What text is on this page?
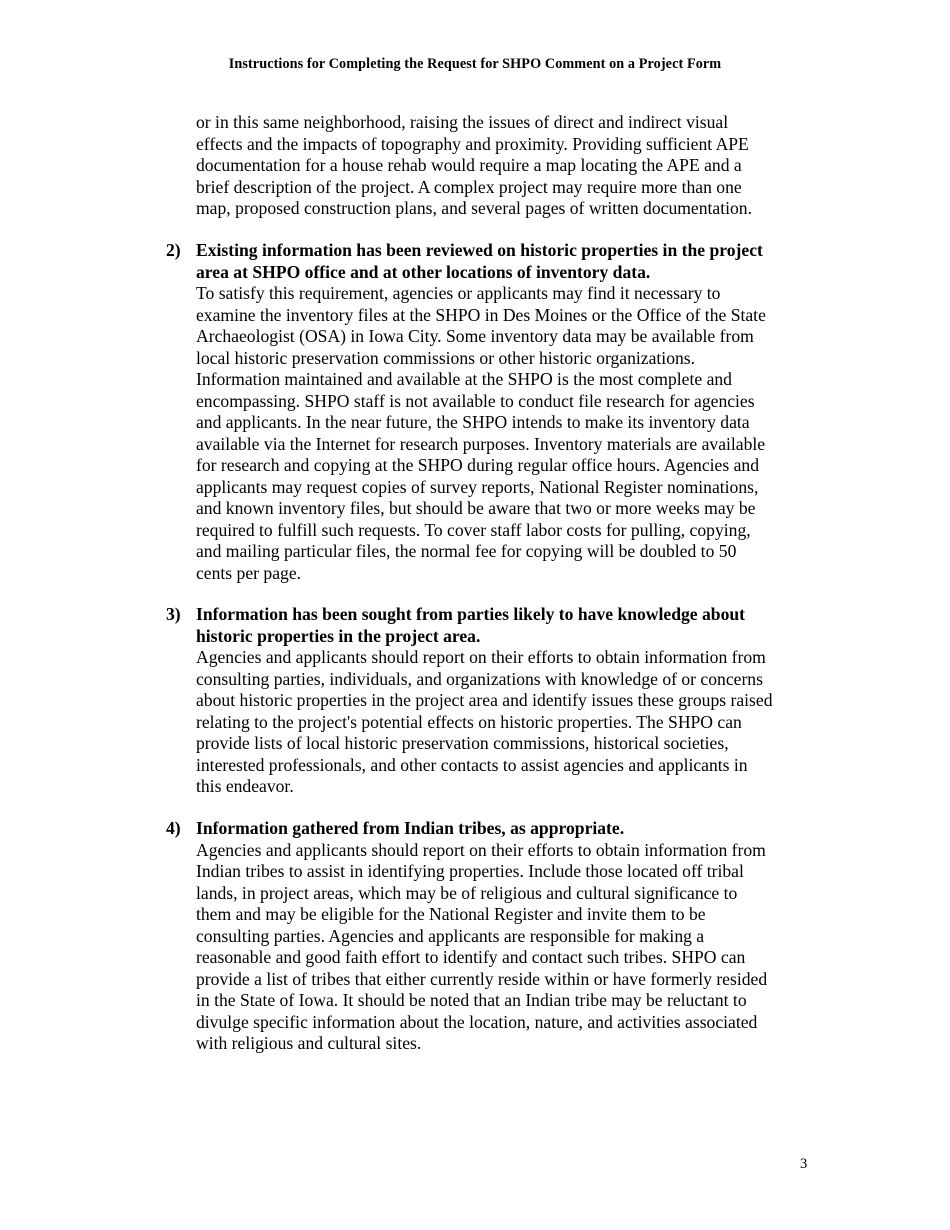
Instructions for Completing the Request for SHPO Comment on a Project Form
or in this same neighborhood, raising the issues of direct and indirect visual
effects and the impacts of topography and proximity. Providing sufficient APE
documentation for a house rehab would require a map locating the APE and a
brief description of the project. A complex project may require more than one
map, proposed construction plans, and several pages of written documentation.
2) Existing information has been reviewed on historic properties in the project
area at SHPO office and at other locations of inventory data.
To satisfy this requirement, agencies or applicants may find it necessary to
examine the inventory files at the SHPO in Des Moines or the Office of the State
Archaeologist (OSA) in Iowa City. Some inventory data may be available from
local historic preservation commissions or other historic organizations.
Information maintained and available at the SHPO is the most complete and
encompassing. SHPO staff is not available to conduct file research for agencies
and applicants. In the near future, the SHPO intends to make its inventory data
available via the Internet for research purposes. Inventory materials are available
for research and copying at the SHPO during regular office hours. Agencies and
applicants may request copies of survey reports, National Register nominations,
and known inventory files, but should be aware that two or more weeks may be
required to fulfill such requests. To cover staff labor costs for pulling, copying,
and mailing particular files, the normal fee for copying will be doubled to 50
cents per page.
3) Information has been sought from parties likely to have knowledge about
historic properties in the project area.
Agencies and applicants should report on their efforts to obtain information from
consulting parties, individuals, and organizations with knowledge of or concerns
about historic properties in the project area and identify issues these groups raised
relating to the project's potential effects on historic properties. The SHPO can
provide lists of local historic preservation commissions, historical societies,
interested professionals, and other contacts to assist agencies and applicants in
this endeavor.
4) Information gathered from Indian tribes, as appropriate.
Agencies and applicants should report on their efforts to obtain information from
Indian tribes to assist in identifying properties. Include those located off tribal
lands, in project areas, which may be of religious and cultural significance to
them and may be eligible for the National Register and invite them to be
consulting parties. Agencies and applicants are responsible for making a
reasonable and good faith effort to identify and contact such tribes. SHPO can
provide a list of tribes that either currently reside within or have formerly resided
in the State of Iowa. It should be noted that an Indian tribe may be reluctant to
divulge specific information about the location, nature, and activities associated
with religious and cultural sites.
3
